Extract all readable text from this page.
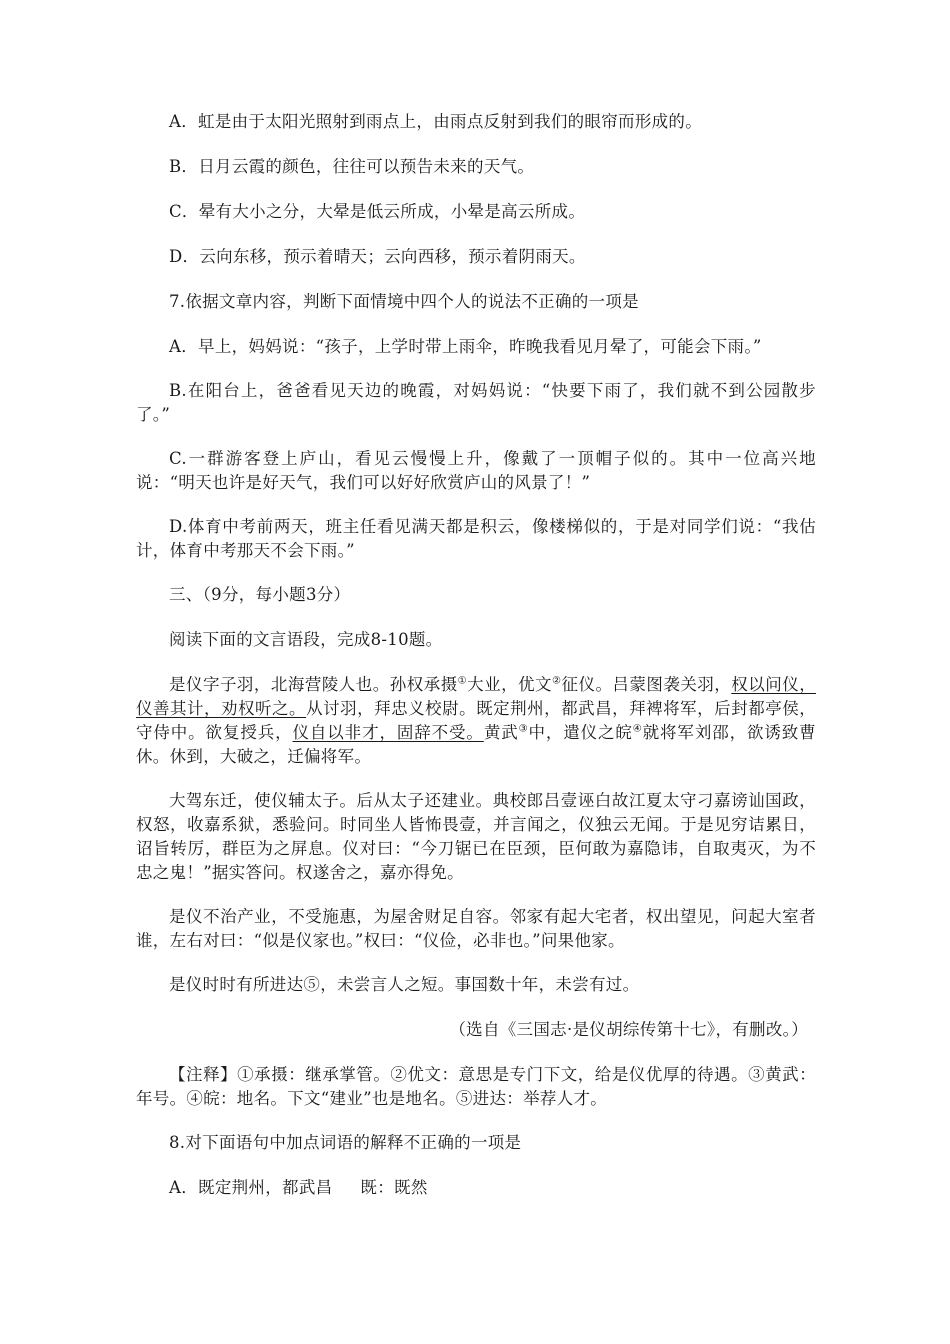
A．虹是由于太阳光照射到雨点上，由雨点反射到我们的眼帘而形成的。

B．日月云霞的颜色，往往可以预告未来的天气。

C．晕有大小之分，大晕是低云所成，小晕是高云所成。

D．云向东移，预示着晴天；云向西移，预示着阴雨天。

7.依据文章内容，判断下面情境中四个人的说法不正确的一项是

A．早上，妈妈说：“孩子，上学时带上雨伞，昨晚我看见月晕了，可能会下雨。”

B.在阳台上，爸爸看见天边的晚霞，对妈妈说：“快要下雨了，我们就不到公园散步了。”

C.一群游客登上庐山，看见云慢慢上升，像戴了一顶帽子似的。其中一位高兴地说：“明天也许是好天气，我们可以好好欣赏庐山的风景了！”

D.体育中考前两天，班主任看见满天都是积云，像楼梯似的，于是对同学们说：“我估计，体育中考那天不会下雨。”

三、（9分，每小题3分）

阅读下面的文言语段，完成8-10题。

是仪字子羽，北海营陵人也。孙权承摄①大业，优文②征仪。吕蒙图袭关羽，权以问仪，仪善其计，劝权听之。从讨羽，拜忠义校尉。既定荆州，都武昌，拜裨将军，后封都亭侯，守侍中。欲复授兵，仪自以非才，固辞不受。黄武③中，遣仪之皖④就将军刘邵，欲诱致曹休。休到，大破之，迁偏将军。

大驾东迁，使仪辅太子。后从太子还建业。典校郎吕壹诬白故江夏太守刁嘉谤讪国政，权怒，收嘉系狱，悉验问。时同坐人皆怖畏壹，并言闻之，仪独云无闻。于是见穷诘累日，诏旨转厉，群臣为之屏息。仪对曰：“今刀锯已在臣颈，臣何敢为嘉隐讳，自取夷灭，为不忠之鬼！”据实答问。权遂舍之，嘉亦得免。

是仪不治产业，不受施惠，为屋舍财足自容。邻家有起大宅者，权出望见，问起大室者谁，左右对曰：“似是仪家也。”权曰：“仪俭，必非也。”问果他家。

是仪时时有所进达⑤，未尝言人之短。事国数十年，未尝有过。

（选自《三国志·是仪胡综传第十七》，有删改。）

【注释】①承摄：继承掌管。②优文：意思是专门下文，给是仪优厚的待遇。③黄武：年号。④皖：地名。下文“建业”也是地名。⑤进达：举荐人才。

8.对下面语句中加点词语的解释不正确的一项是

A．既定荆州，都武昌 既：既然
